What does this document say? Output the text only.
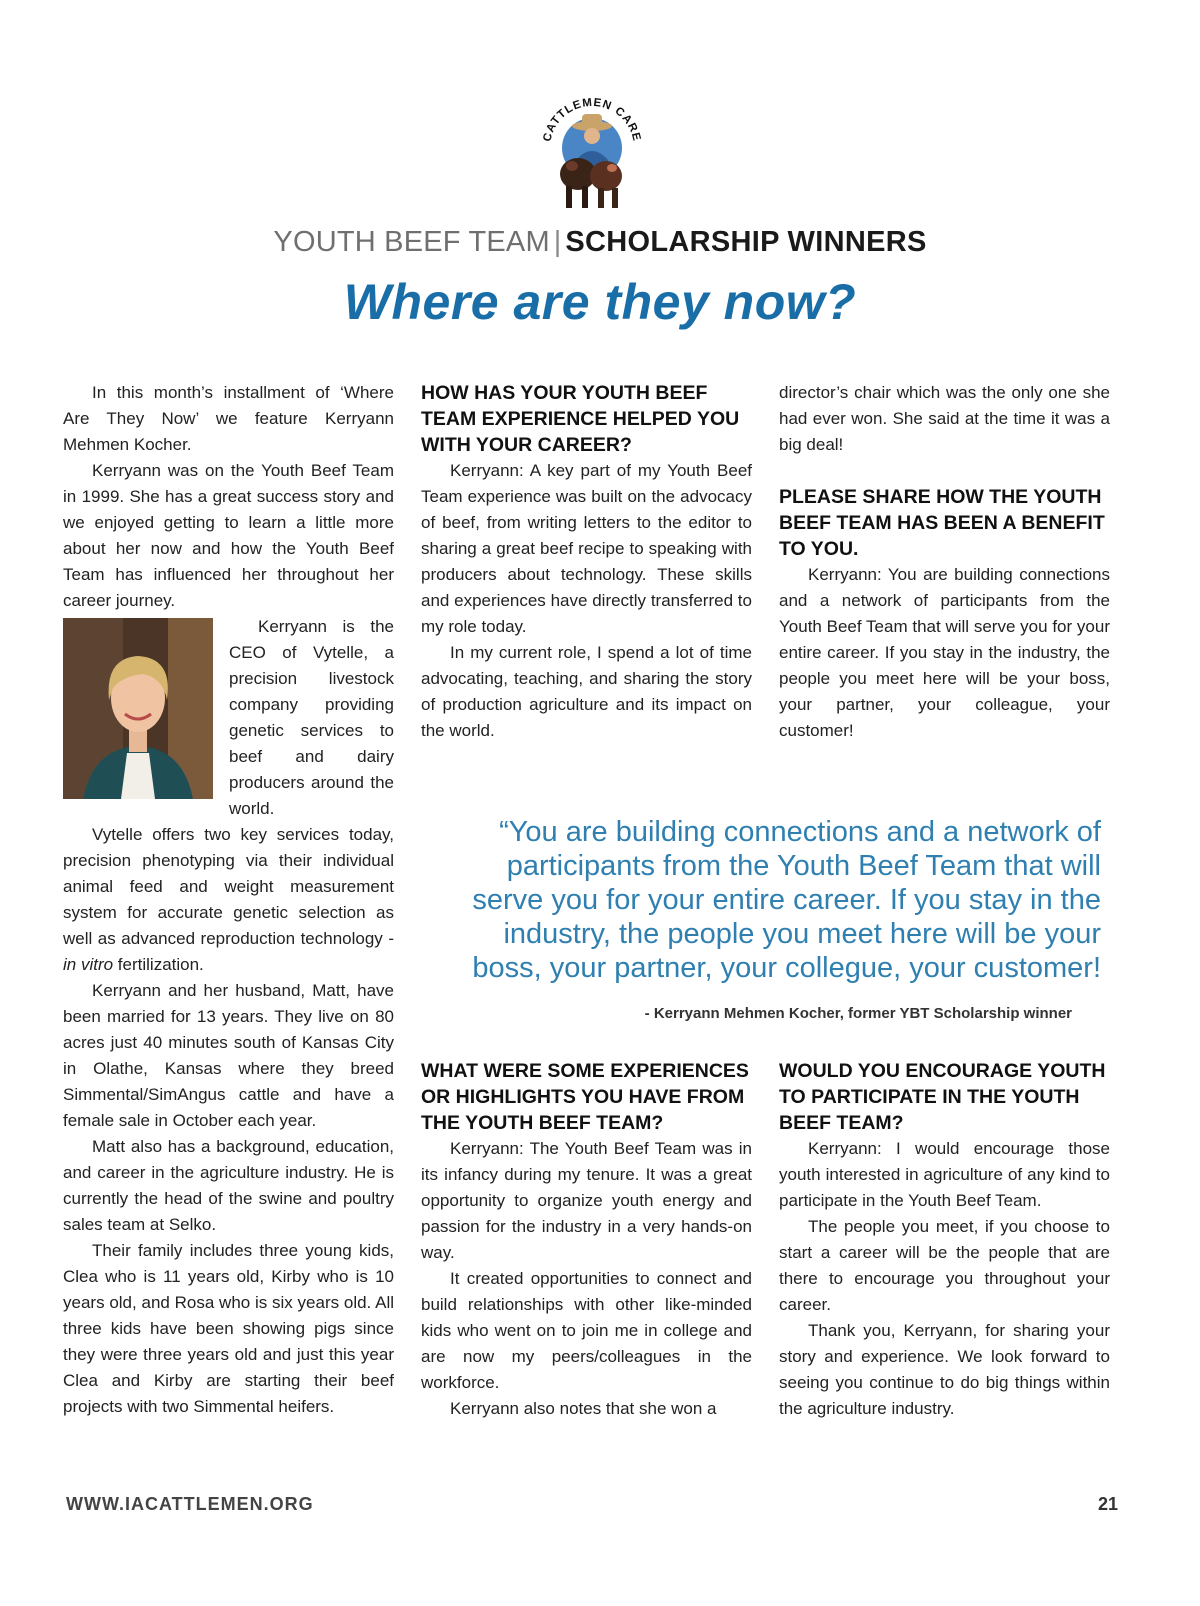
CATTLEMEN CARE
YOUTH BEEF TEAM | SCHOLARSHIP WINNERS
Where are they now?

In this month’s installment of ‘Where Are They Now’ we feature Kerryann Mehmen Kocher.

Kerryann was on the Youth Beef Team in 1999. She has a great success story and we enjoyed getting to learn a little more about her now and how the Youth Beef Team has influenced her throughout her career journey.

Kerryann is the CEO of Vytelle, a precision livestock company providing genetic services to beef and dairy producers around the world.

Vytelle offers two key services today, precision phenotyping via their individual animal feed and weight measurement system for accurate genetic selection as well as advanced reproduction technology - in vitro fertilization.

Kerryann and her husband, Matt, have been married for 13 years. They live on 80 acres just 40 minutes south of Kansas City in Olathe, Kansas where they breed Simmental/SimAngus cattle and have a female sale in October each year.

Matt also has a background, education, and career in the agriculture industry. He is currently the head of the swine and poultry sales team at Selko.

Their family includes three young kids, Clea who is 11 years old, Kirby who is 10 years old, and Rosa who is six years old. All three kids have been showing pigs since they were three years old and just this year Clea and Kirby are starting their beef projects with two Simmental heifers.

HOW HAS YOUR YOUTH BEEF TEAM EXPERIENCE HELPED YOU WITH YOUR CAREER?

Kerryann: A key part of my Youth Beef Team experience was built on the advocacy of beef, from writing letters to the editor to sharing a great beef recipe to speaking with producers about technology. These skills and experiences have directly transferred to my role today.

In my current role, I spend a lot of time advocating, teaching, and sharing the story of production agriculture and its impact on the world.

director’s chair which was the only one she had ever won. She said at the time it was a big deal!

PLEASE SHARE HOW THE YOUTH BEEF TEAM HAS BEEN A BENEFIT TO YOU.

Kerryann: You are building connections and a network of participants from the Youth Beef Team that will serve you for your entire career. If you stay in the industry, the people you meet here will be your boss, your partner, your colleague, your customer!

“You are building connections and a network of participants from the Youth Beef Team that will serve you for your entire career. If you stay in the industry, the people you meet here will be your boss, your partner, your collegue, your customer!
- Kerryann Mehmen Kocher, former YBT Scholarship winner
WHAT WERE SOME EXPERIENCES OR HIGHLIGHTS YOU HAVE FROM THE YOUTH BEEF TEAM?

Kerryann: The Youth Beef Team was in its infancy during my tenure. It was a great opportunity to organize youth energy and passion for the industry in a very hands-on way.

It created opportunities to connect and build relationships with other like-minded kids who went on to join me in college and are now my peers/colleagues in the workforce.

Kerryann also notes that she won a

WOULD YOU ENCOURAGE YOUTH TO PARTICIPATE IN THE YOUTH BEEF TEAM?

Kerryann: I would encourage those youth interested in agriculture of any kind to participate in the Youth Beef Team.

The people you meet, if you choose to start a career will be the people that are there to encourage you throughout your career.

Thank you, Kerryann, for sharing your story and experience. We look forward to seeing you continue to do big things within the agriculture industry.

WWW.IACATTLEMEN.ORG	21
